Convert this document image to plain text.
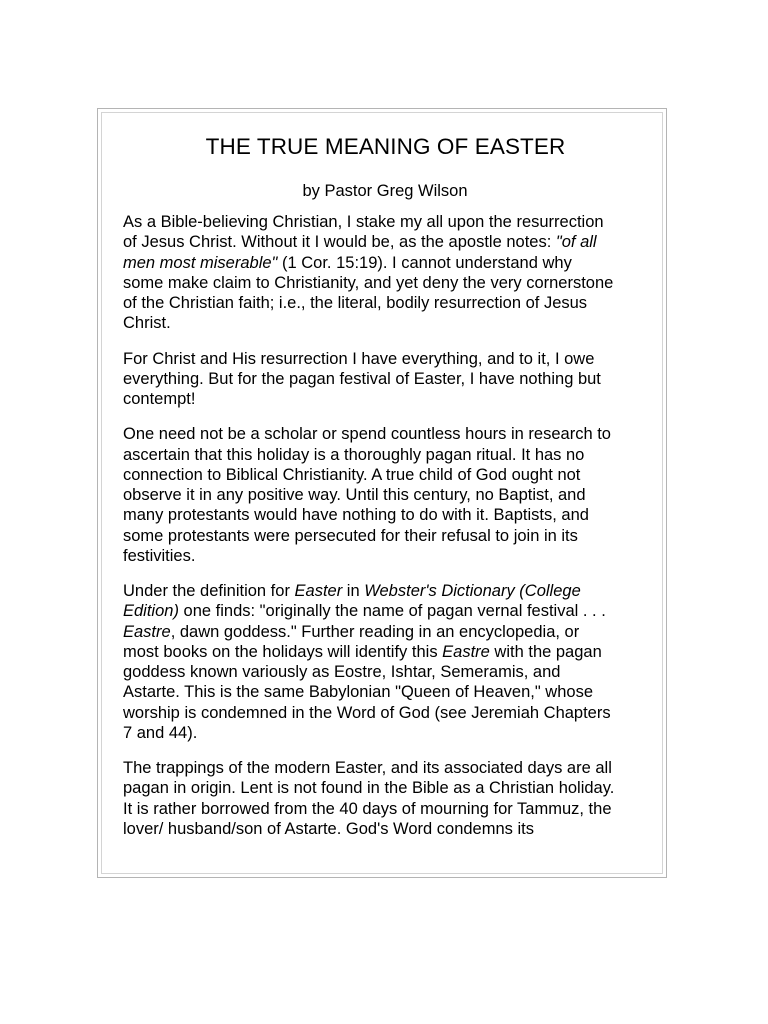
THE TRUE MEANING OF EASTER

by Pastor Greg Wilson

As a Bible-believing Christian, I stake my all upon the resurrection
of Jesus Christ. Without it I would be, as the apostle notes: "of all
men most miserable" (1 Cor. 15:19). I cannot understand why
some make claim to Christianity, and yet deny the very cornerstone
of the Christian faith; i.e., the literal, bodily resurrection of Jesus
Christ.

For Christ and His resurrection I have everything, and to it, I owe
everything. But for the pagan festival of Easter, I have nothing but
contempt!

One need not be a scholar or spend countless hours in research to
ascertain that this holiday is a thoroughly pagan ritual. It has no
connection to Biblical Christianity. A true child of God ought not
observe it in any positive way. Until this century, no Baptist, and
many protestants would have nothing to do with it. Baptists, and
some protestants were persecuted for their refusal to join in its
festivities.

Under the definition for Easter in Webster's Dictionary (College
Edition) one finds: "originally the name of pagan vernal festival . . .
Eastre, dawn goddess." Further reading in an encyclopedia, or
most books on the holidays will identify this Eastre with the pagan
goddess known variously as Eostre, Ishtar, Semeramis, and
Astarte. This is the same Babylonian "Queen of Heaven," whose
worship is condemned in the Word of God (see Jeremiah Chapters
7 and 44).

The trappings of the modern Easter, and its associated days are all
pagan in origin. Lent is not found in the Bible as a Christian holiday.
It is rather borrowed from the 40 days of mourning for Tammuz, the
lover/ husband/son of Astarte. God's Word condemns its
